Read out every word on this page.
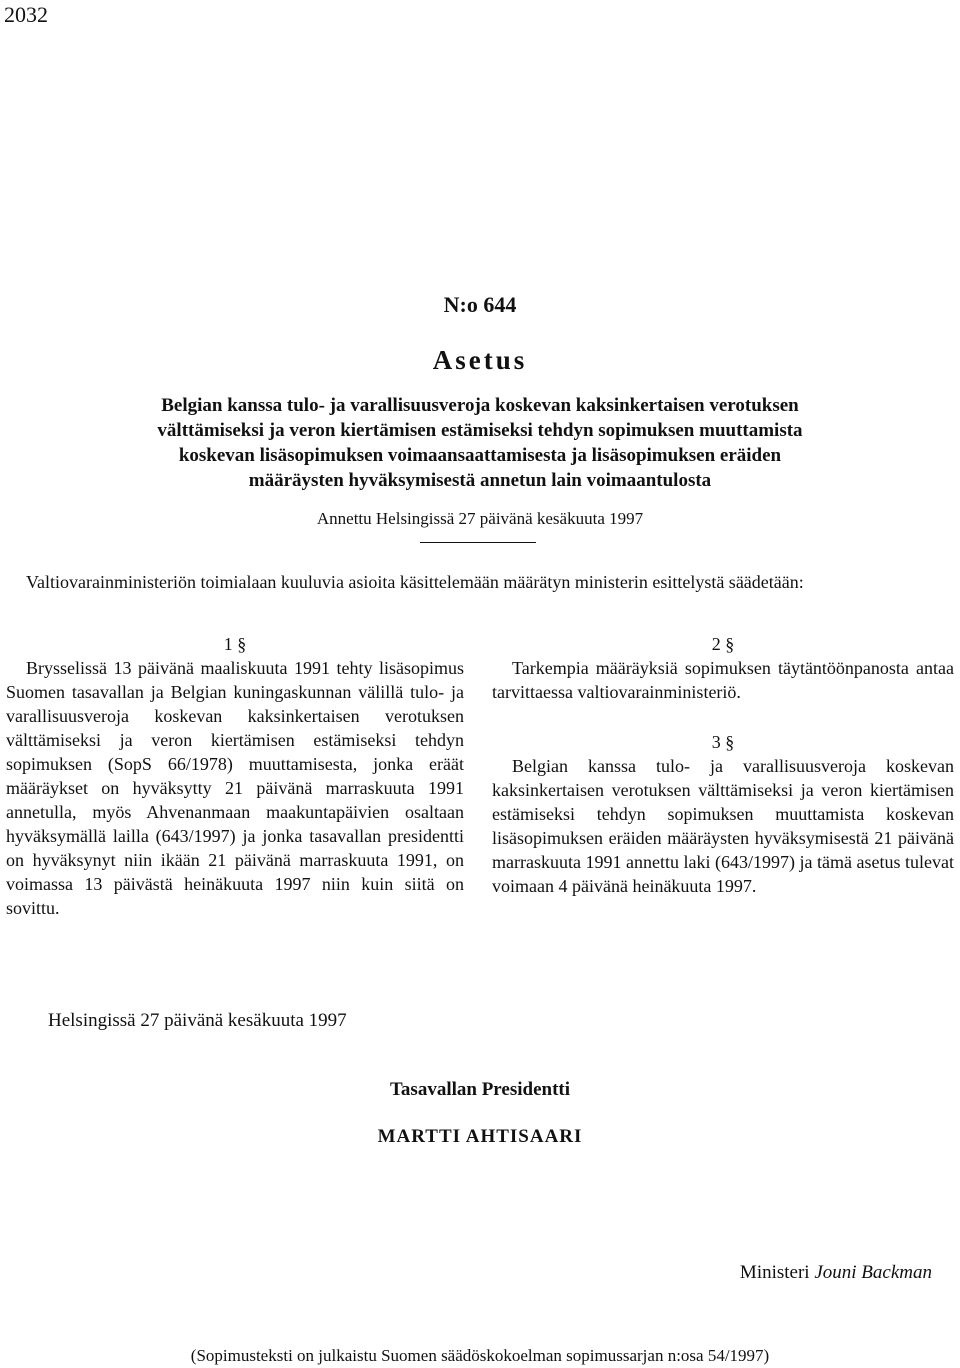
2032
N:o 644
Asetus
Belgian kanssa tulo- ja varallisuusveroja koskevan kaksinkertaisen verotuksen
välttämiseksi ja veron kiertämisen estämiseksi tehdyn sopimuksen muuttamista
koskevan lisäsopimuksen voimaansaattamisesta ja lisäsopimuksen eräiden
määräysten hyväksymisestä annetun lain voimaantulosta
Annettu Helsingissä 27 päivänä kesäkuuta 1997
Valtiovarainministeriön toimialaan kuuluvia asioita käsittelemään määrätyn ministerin esittelystä säädetään:
1 §
Brysselissä 13 päivänä maaliskuuta 1991 tehty lisäsopimus Suomen tasavallan ja Belgian kuningaskunnan välillä tulo- ja varallisuusveroja koskevan kaksinkertaisen verotuksen välttämiseksi ja veron kiertämisen estämiseksi tehdyn sopimuksen (SopS 66/1978) muuttamisesta, jonka eräät määräykset on hyväksytty 21 päivänä marraskuuta 1991 annetulla, myös Ahvenanmaan maakuntapäivien osaltaan hyväksymällä lailla (643/1997) ja jonka tasavallan presidentti on hyväksynyt niin ikään 21 päivänä marraskuuta 1991, on voimassa 13 päivästä heinäkuuta 1997 niin kuin siitä on sovittu.
2 §
Tarkempia määräyksiä sopimuksen täytäntöönpanosta antaa tarvittaessa valtiovarainministeriö.
3 §
Belgian kanssa tulo- ja varallisuusveroja koskevan kaksinkertaisen verotuksen välttämiseksi ja veron kiertämisen estämiseksi tehdyn sopimuksen muuttamista koskevan lisäsopimuksen eräiden määräysten hyväksymisestä 21 päivänä marraskuuta 1991 annettu laki (643/1997) ja tämä asetus tulevat voimaan 4 päivänä heinäkuuta 1997.
Helsingissä 27 päivänä kesäkuuta 1997
Tasavallan Presidentti
MARTTI AHTISAARI
Ministeri Jouni Backman
(Sopimusteksti on julkaistu Suomen säädöskokoelman sopimussarjan n:osa 54/1997)
